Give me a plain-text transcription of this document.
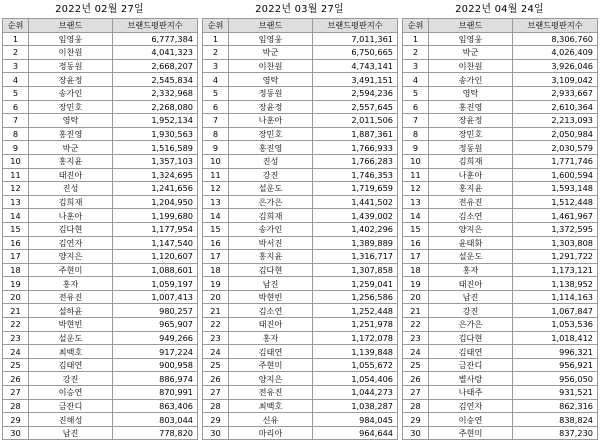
2022년 02월 27일
순위	브랜드	브랜드평판지수
1	임영웅	6,777,384
2	이찬원	4,041,323
3	정동원	2,668,207
4	장윤정	2,545,834
5	송가인	2,332,968
6	장민호	2,268,080
7	영탁	1,952,134
8	홍진영	1,930,563
9	박군	1,516,589
10	홍지윤	1,357,103
11	태진아	1,324,695
12	진성	1,241,656
13	김희재	1,204,950
14	나훈아	1,199,680
15	김다현	1,177,954
16	김연자	1,147,540
17	양지은	1,120,607
18	주현미	1,088,601
19	홍자	1,059,197
20	전유진	1,007,413
21	설하윤	980,257
22	박현빈	965,907
23	설운도	949,266
24	최백호	917,224
25	김태연	900,958
26	강진	886,974
27	이승연	870,991
28	금잔디	863,406
29	진해성	803,044
30	남진	778,820
2022년 03월 27일
순위	브랜드	브랜드평판지수
1	임영웅	7,011,361
2	박군	6,750,665
3	이찬원	4,743,141
4	영탁	3,491,151
5	정동원	2,594,236
6	장윤정	2,557,645
7	나훈아	2,011,506
8	장민호	1,887,361
9	홍진영	1,766,933
10	진성	1,766,283
11	강진	1,746,353
12	설운도	1,719,659
13	은가은	1,441,502
14	김희재	1,439,002
15	송가인	1,402,296
16	박서진	1,389,889
17	홍지윤	1,316,717
18	김다현	1,307,858
19	남진	1,259,041
20	박현빈	1,256,586
21	김소연	1,252,448
22	태진아	1,251,978
23	홍자	1,172,078
24	김태연	1,139,848
25	주현미	1,055,672
26	양지은	1,054,406
27	전유진	1,044,273
28	최백호	1,038,287
29	신유	984,045
30	마리아	964,644
2022년 04월 24일
순위	브랜드	브랜드평판지수
1	임영웅	8,306,760
2	박군	4,026,409
3	이찬원	3,926,046
4	송가인	3,109,042
5	영탁	2,933,667
6	홍진영	2,610,364
7	장윤정	2,213,093
8	장민호	2,050,984
9	정동원	2,030,579
10	김희재	1,771,746
11	나훈아	1,600,594
12	홍지윤	1,593,148
13	전유진	1,512,448
14	김소연	1,461,967
15	양지은	1,372,595
16	윤태화	1,303,808
17	설운도	1,291,722
18	홍자	1,173,121
19	태진아	1,138,952
20	남진	1,114,163
21	강진	1,067,847
22	은가은	1,053,536
23	김다현	1,018,412
24	김태연	996,321
25	금잔디	956,921
26	별사랑	956,050
27	나태주	931,521
28	김연자	862,316
29	이승연	838,824
30	주현미	837,230
